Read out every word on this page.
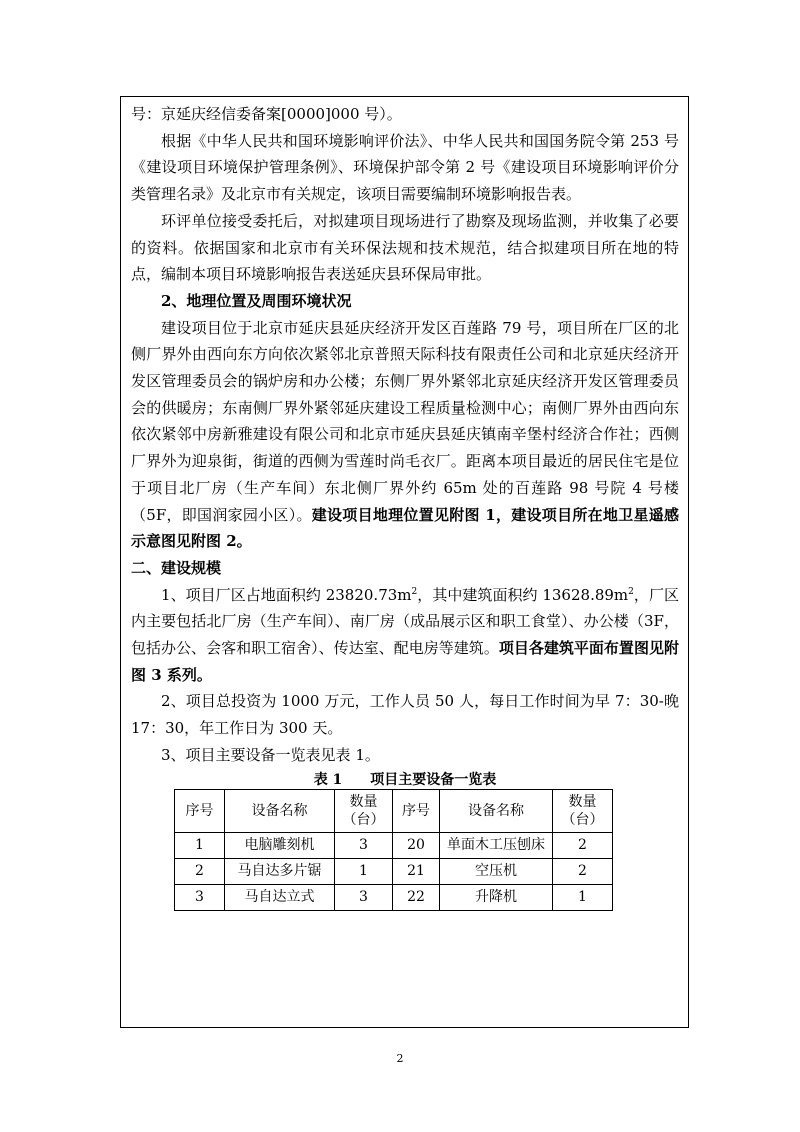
号：京延庆经信委备案[0000]000 号）。

根据《中华人民共和国环境影响评价法》、中华人民共和国国务院令第 253 号《建设项目环境保护管理条例》、环境保护部令第 2 号《建设项目环境影响评价分类管理名录》及北京市有关规定，该项目需要编制环境影响报告表。

环评单位接受委托后，对拟建项目现场进行了勘察及现场监测，并收集了必要的资料。依据国家和北京市有关环保法规和技术规范，结合拟建项目所在地的特点，编制本项目环境影响报告表送延庆县环保局审批。

2、地理位置及周围环境状况

建设项目位于北京市延庆县延庆经济开发区百莲路 79 号，项目所在厂区的北侧厂界外由西向东方向依次紧邻北京普照天际科技有限责任公司和北京延庆经济开发区管理委员会的锅炉房和办公楼；东侧厂界外紧邻北京延庆经济开发区管理委员会的供暖房；东南侧厂界外紧邻延庆建设工程质量检测中心；南侧厂界外由西向东依次紧邻中房新雅建设有限公司和北京市延庆县延庆镇南辛堡村经济合作社；西侧厂界外为迎泉街，街道的西侧为雪莲时尚毛衣厂。距离本项目最近的居民住宅是位于项目北厂房（生产车间）东北侧厂界外约 65m 处的百莲路 98 号院 4 号楼（5F，即国润家园小区）。建设项目地理位置见附图 1，建设项目所在地卫星遥感示意图见附图 2。

二、建设规模

1、项目厂区占地面积约 $23820.73m^2$，其中建筑面积约 $13628.89m^2$，厂区内主要包括北厂房（生产车间）、南厂房（成品展示区和职工食堂）、办公楼（3F，包括办公、会客和职工宿舍）、传达室、配电房等建筑。项目各建筑平面布置图见附图 3 系列。

2、项目总投资为 1000 万元，工作人员 50 人，每日工作时间为早 7：30-晚 17：30，年工作日为 300 天。

3、项目主要设备一览表见表 1。

表 1　　项目主要设备一览表

序号	设备名称	数量（台）	序号	设备名称	数量（台）
1	电脑雕刻机	3	20	单面木工压刨床	2
2	马自达多片锯	1	21	空压机	2
3	马自达立式	3	22	升降机	1
2
